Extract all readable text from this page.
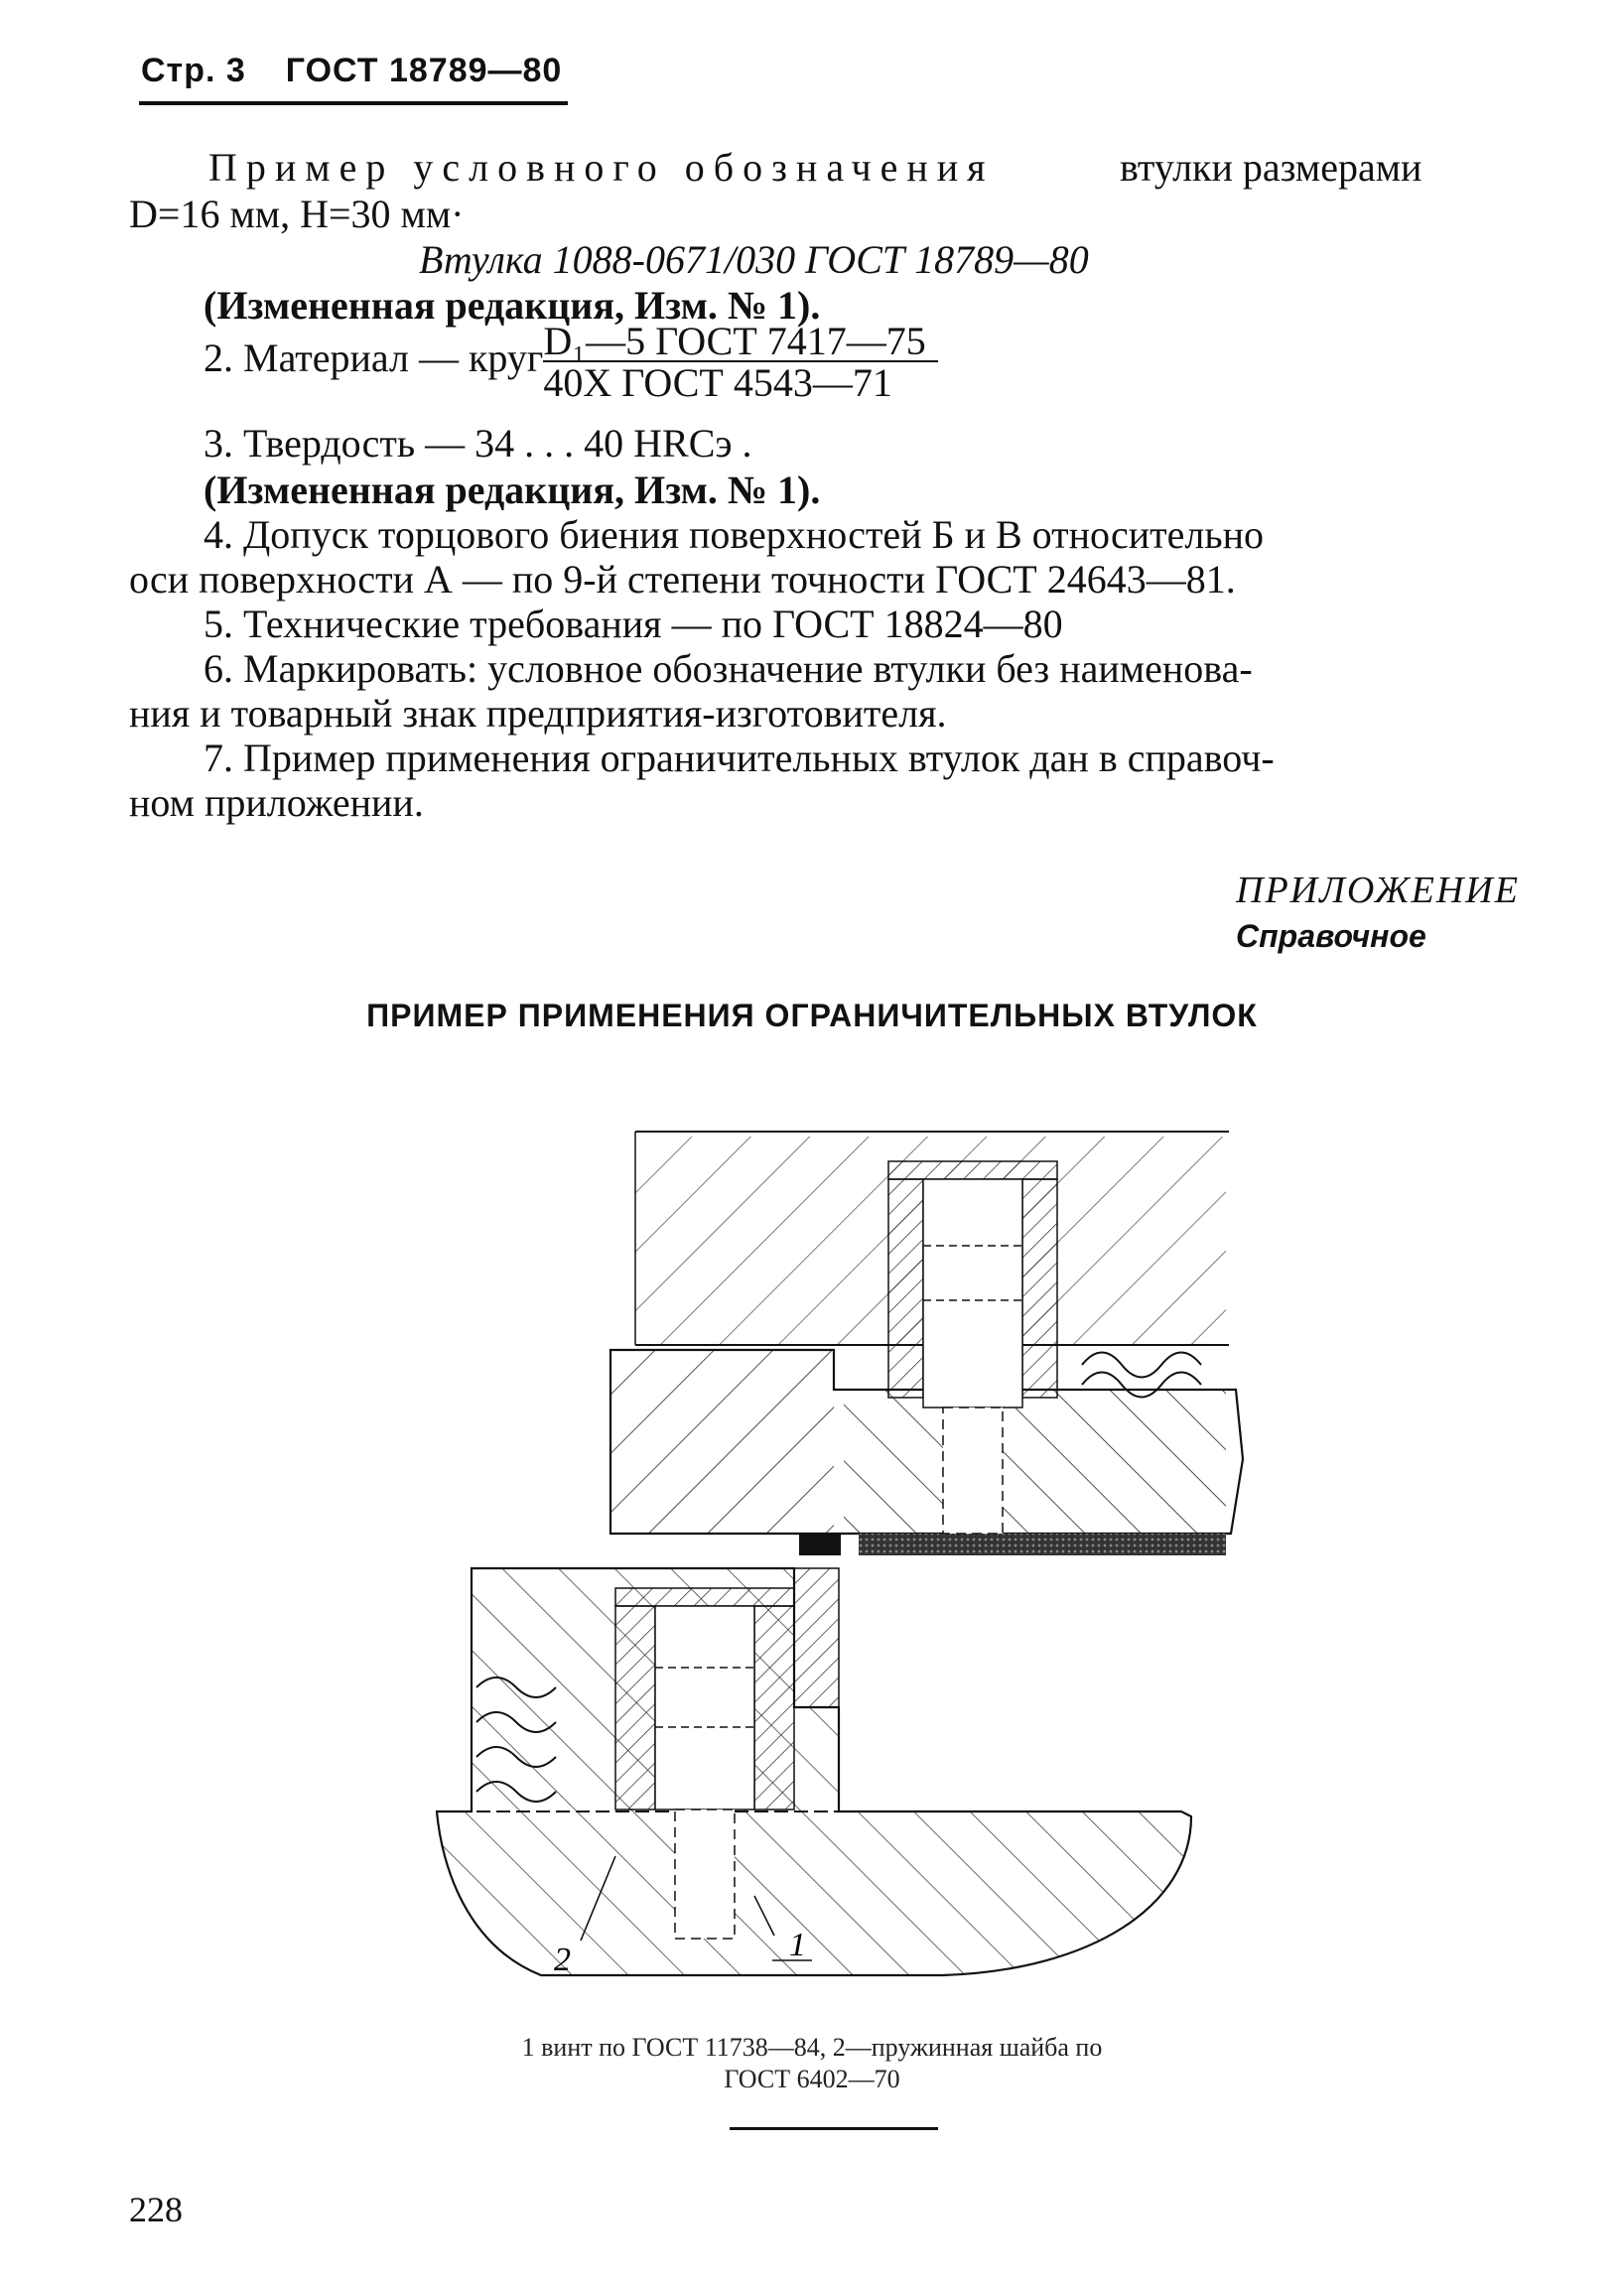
Стр. 3 ГОСТ 18789—80
Пример условного обозначения	втулки размерами
D=16 мм, H=30 мм·
Втулка 1088-0671/030 ГОСТ 18789—80
(Измененная редакция, Изм. № 1).
2. Материал — круг $\frac{\text{D₁—5 ГОСТ 7417—75}}{\text{40Х ГОСТ 4543—71}}$
3. Твердость — 34 . . . 40 HRCэ .
(Измененная редакция, Изм. № 1).
4. Допуск торцового биения поверхностей Б и В относительно
оси поверхности А — по 9-й степени точности ГОСТ 24643—81.
5. Технические требования — по ГОСТ 18824—80
6. Маркировать: условное обозначение втулки без наименова-
ния и товарный знак предприятия-изготовителя.
7. Пример применения ограничительных втулок дан в справоч-
ном приложении.
ПРИЛОЖЕНИЕ
Справочное
ПРИМЕР ПРИМЕНЕНИЯ ОГРАНИЧИТЕЛЬНЫХ ВТУЛОК
2	1
1 винт по ГОСТ 11738—84, 2—пружинная шайба по
ГОСТ 6402—70
228
